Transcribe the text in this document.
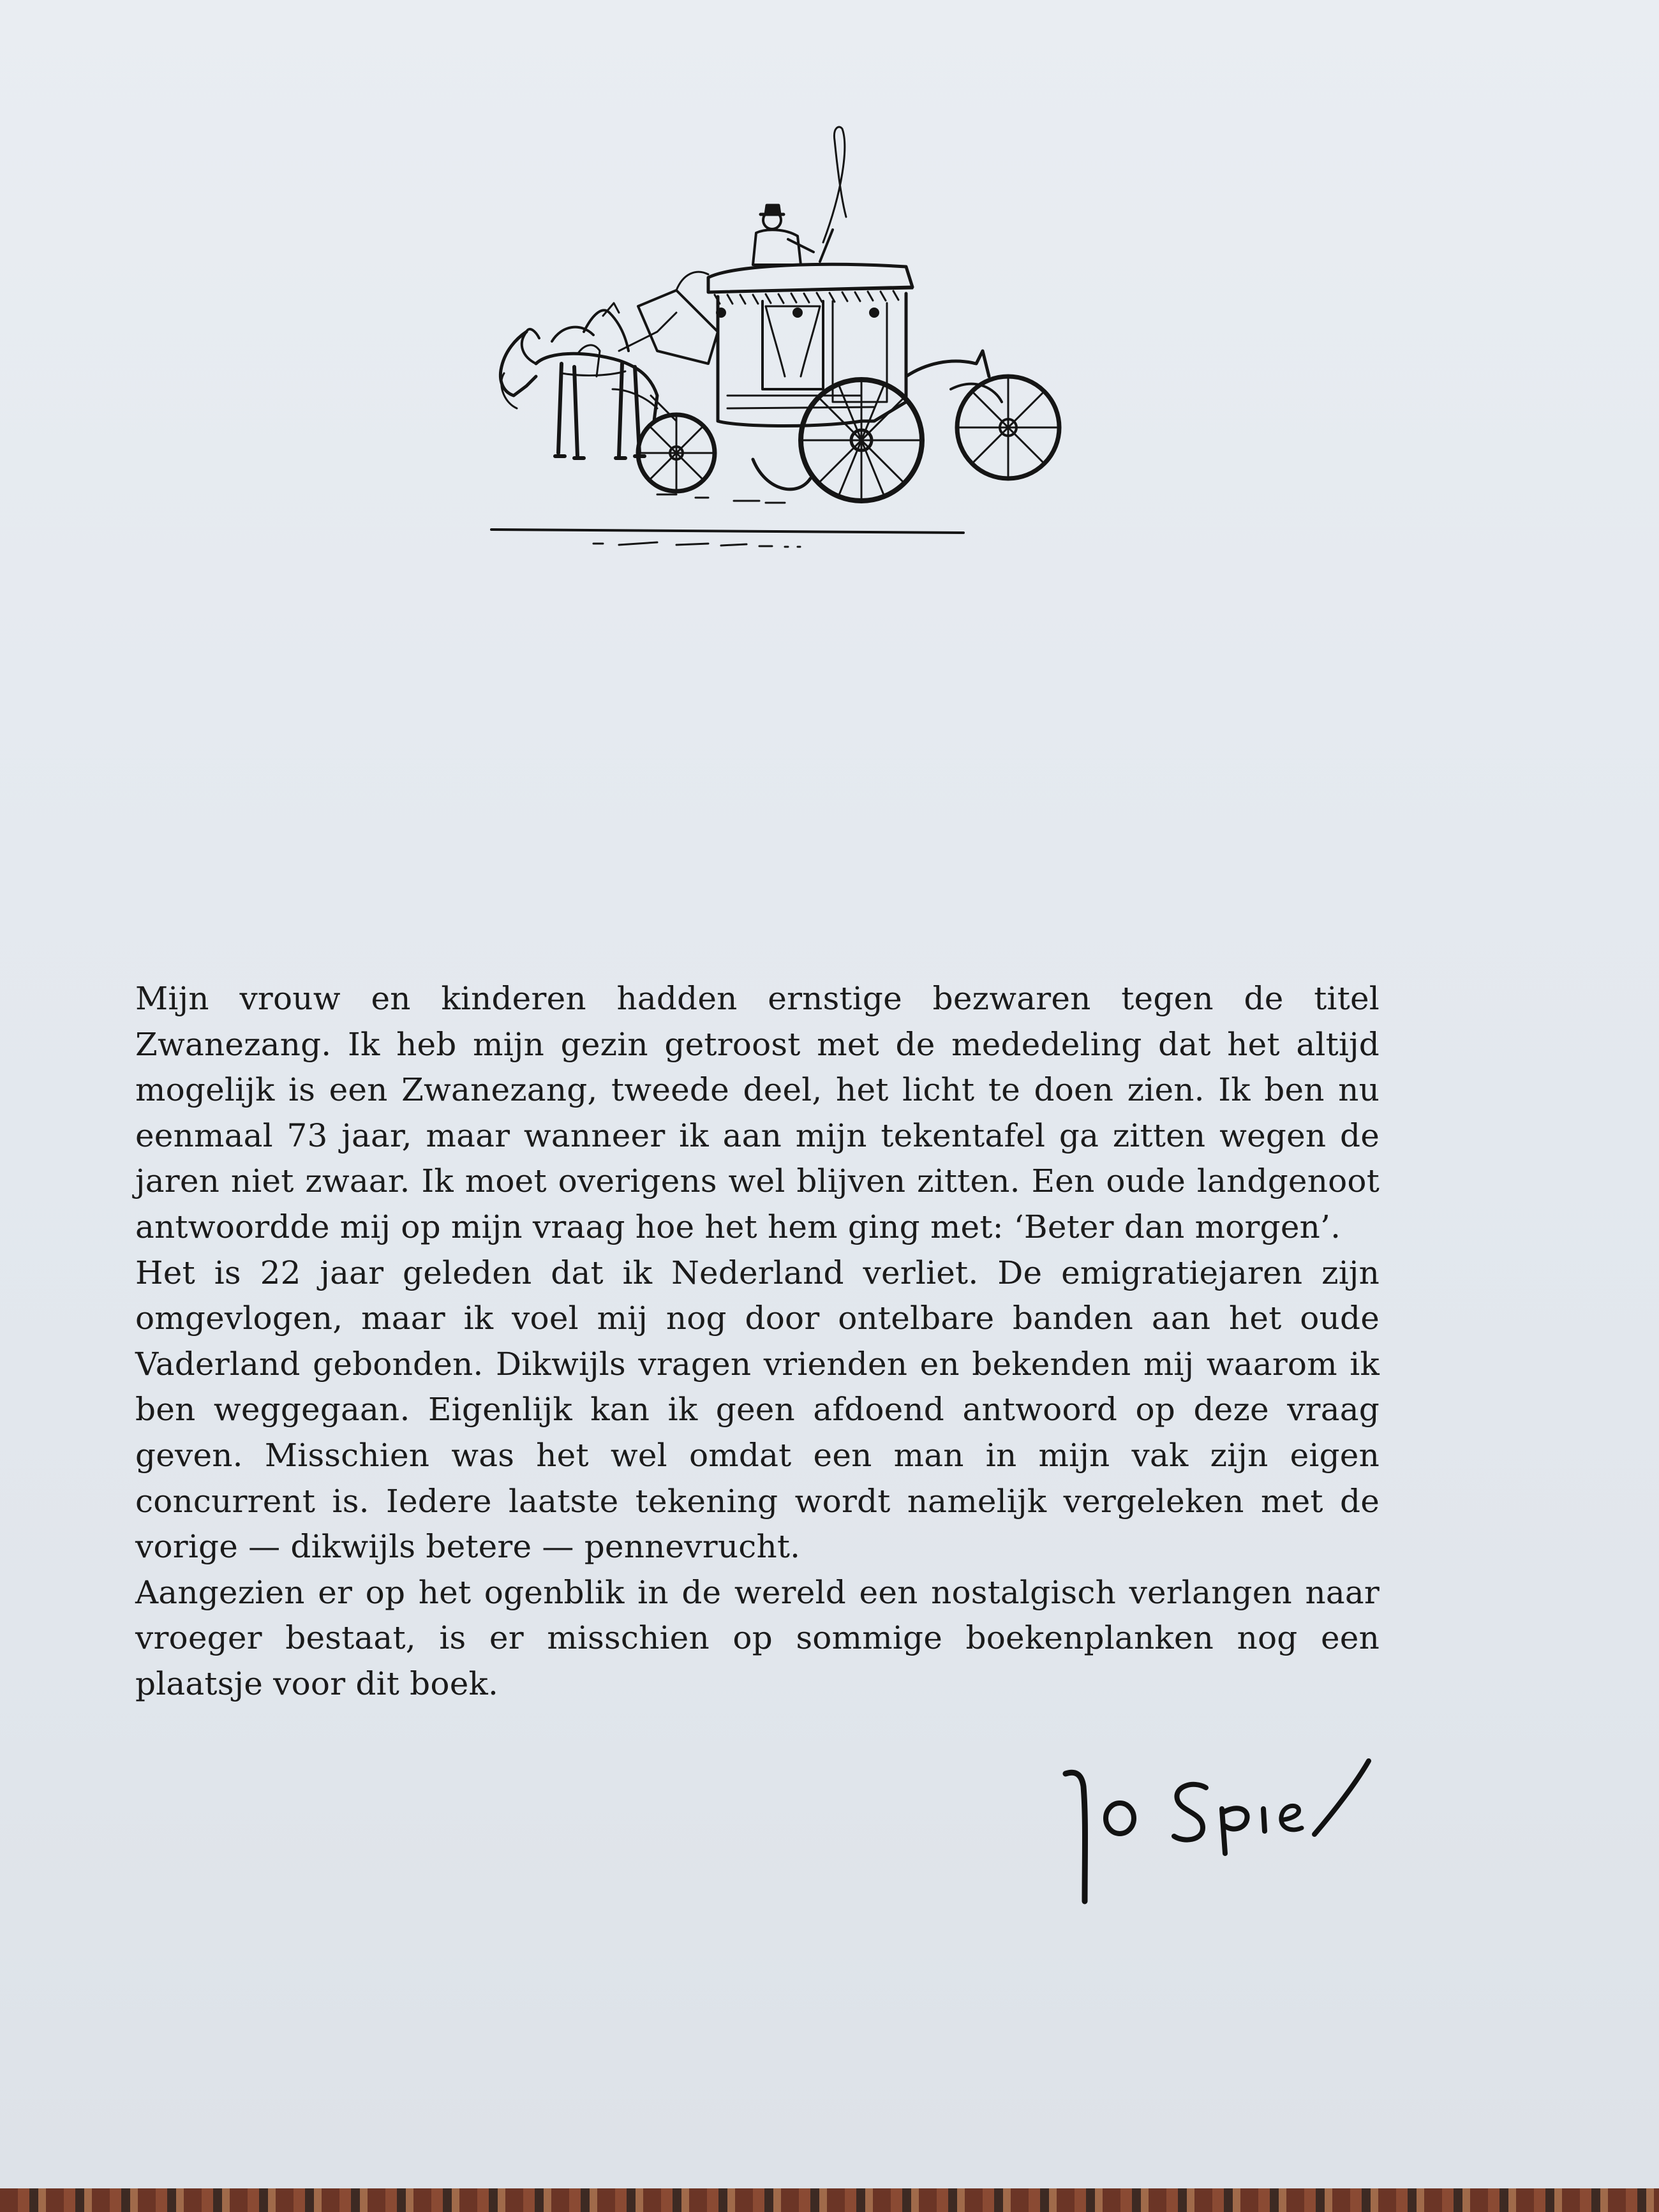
Mijn vrouw en kinderen hadden ernstige bezwaren tegen de titel Zwanezang. Ik heb mijn gezin getroost met de mededeling dat het altijd mogelijk is een Zwanezang, tweede deel, het licht te doen zien. Ik ben nu eenmaal 73 jaar, maar wanneer ik aan mijn tekentafel ga zitten wegen de jaren niet zwaar. Ik moet overigens wel blijven zitten. Een oude landgenoot antwoordde mij op mijn vraag hoe het hem ging met: ‘Beter dan morgen’.

Het is 22 jaar geleden dat ik Nederland verliet. De emigratiejaren zijn omgevlogen, maar ik voel mij nog door ontelbare banden aan het oude Vaderland gebonden. Dikwijls vragen vrienden en bekenden mij waarom ik ben weggegaan. Eigenlijk kan ik geen afdoend antwoord op deze vraag geven. Misschien was het wel omdat een man in mijn vak zijn eigen concurrent is. Iedere laatste tekening wordt namelijk vergeleken met de vorige — dikwijls betere — pennevrucht.

Aangezien er op het ogenblik in de wereld een nostalgisch verlangen naar vroeger bestaat, is er misschien op sommige boekenplanken nog een plaatsje voor dit boek.
